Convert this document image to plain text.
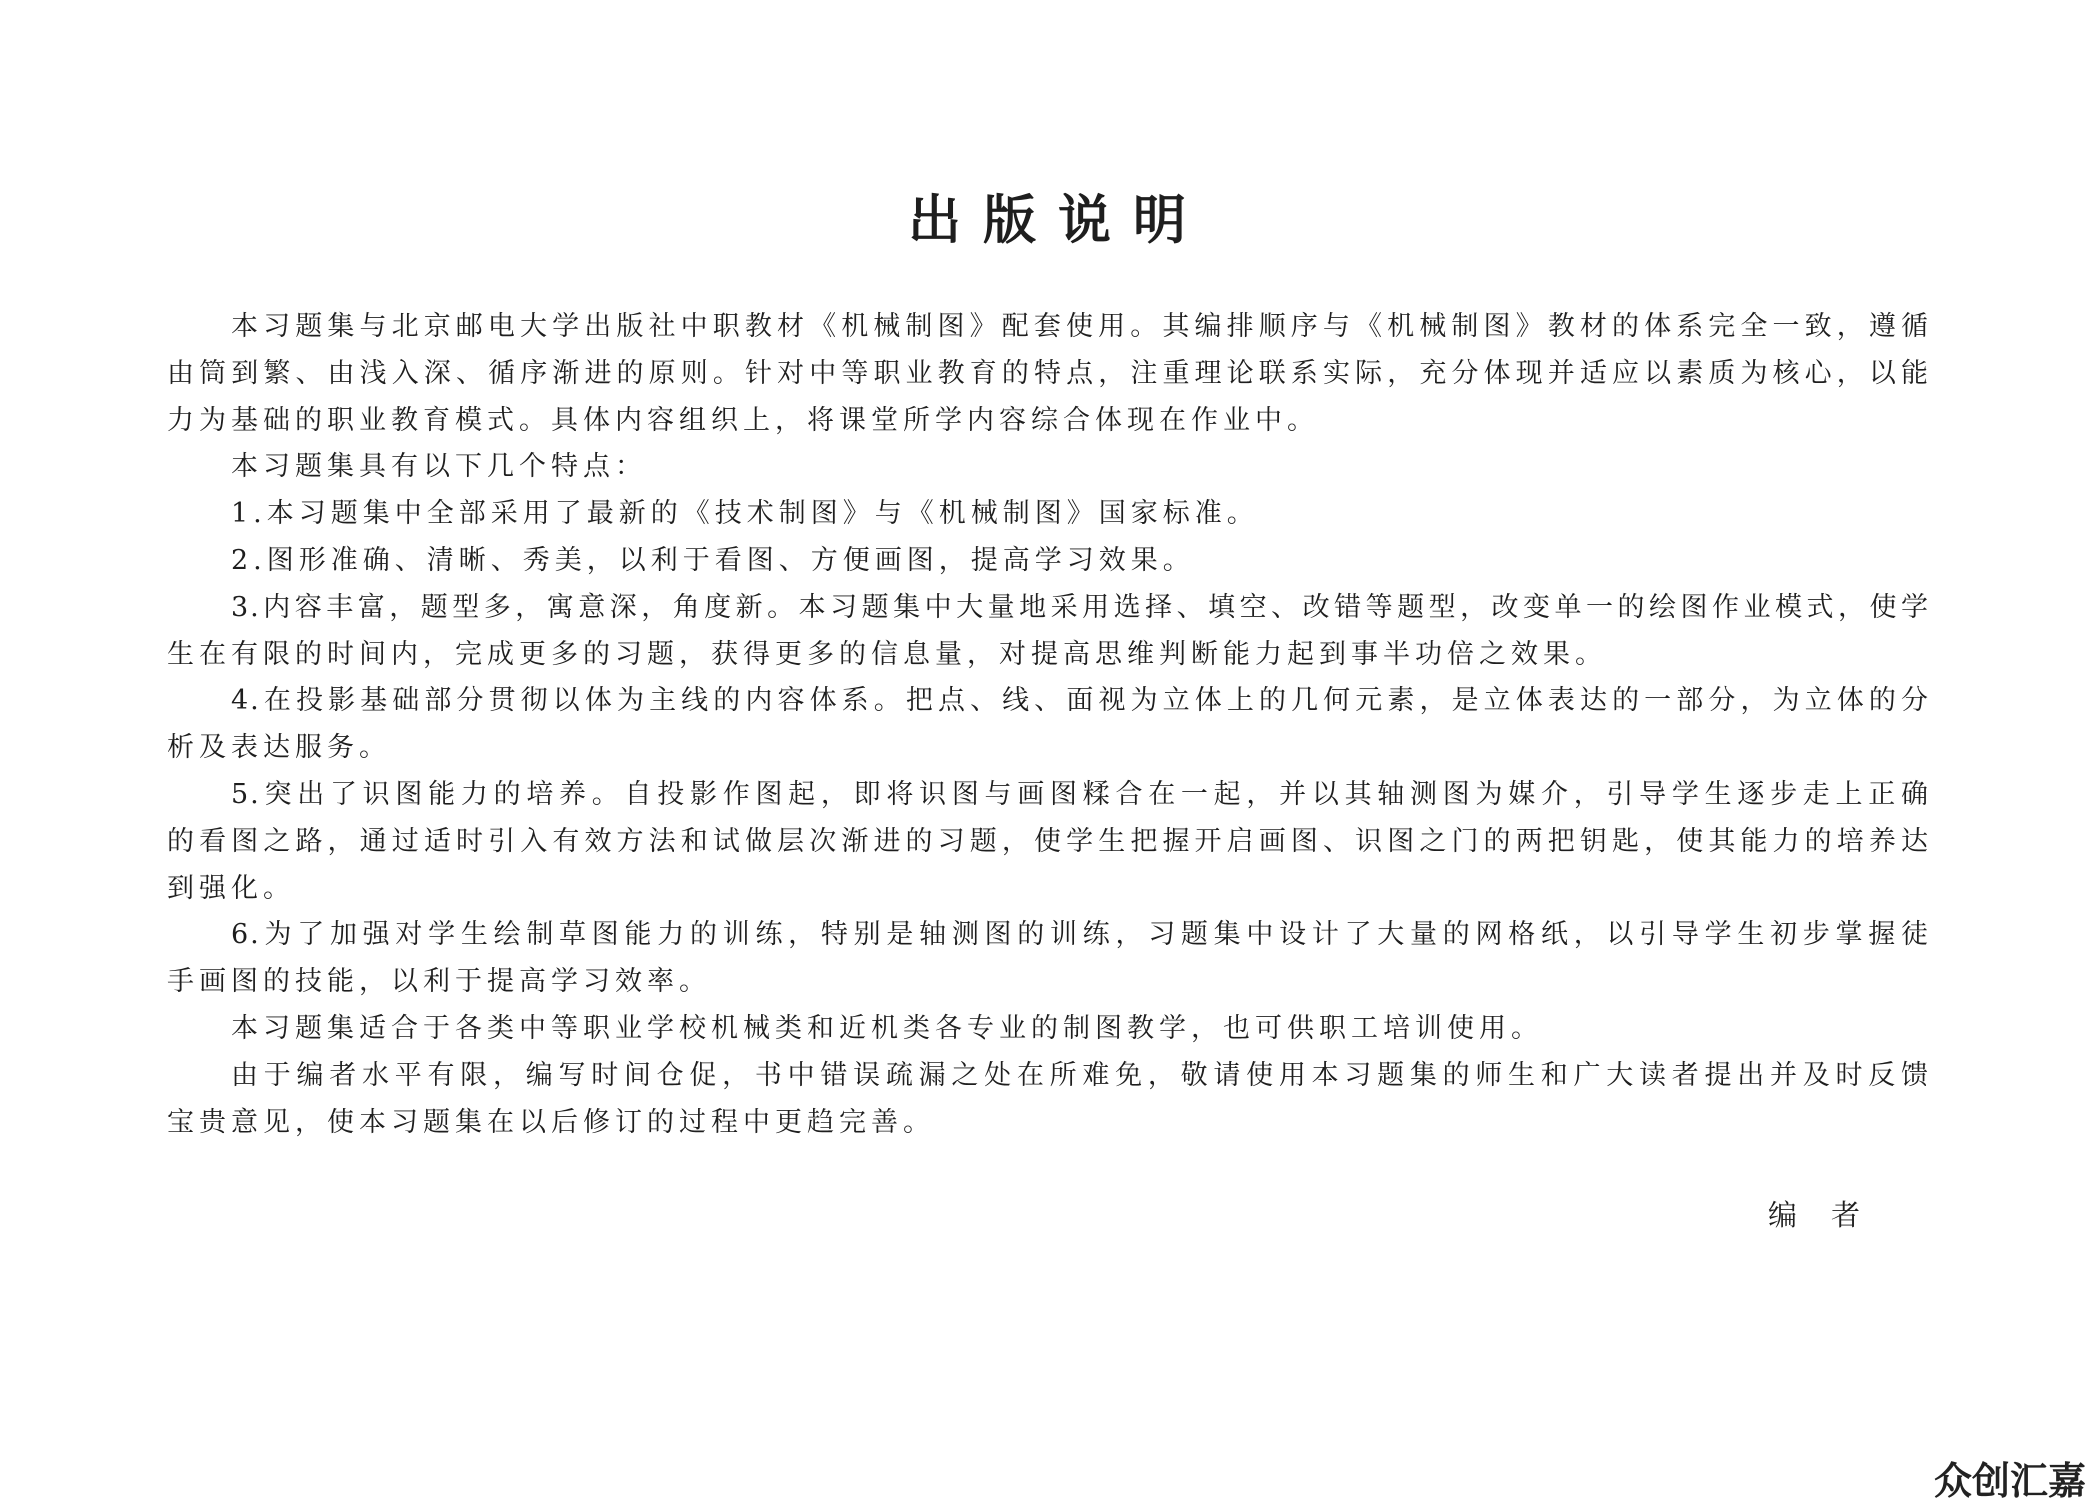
出版说明
本习题集与北京邮电大学出版社中职教材《机械制图》配套使用。其编排顺序与《机械制图》教材的体系完全一致，遵循
由筒到繁、由浅入深、循序渐进的原则。针对中等职业教育的特点，注重理论联系实际，充分体现并适应以素质为核心，以能
力为基础的职业教育模式。具体内容组织上，将课堂所学内容综合体现在作业中。
本习题集具有以下几个特点：
1.本习题集中全部采用了最新的《技术制图》与《机械制图》国家标准。
2.图形准确、清晰、秀美，以利于看图、方便画图，提高学习效果。
3.内容丰富，题型多，寓意深，角度新。本习题集中大量地采用选择、填空、改错等题型，改变单一的绘图作业模式，使学
生在有限的时间内，完成更多的习题，获得更多的信息量，对提高思维判断能力起到事半功倍之效果。
4.在投影基础部分贯彻以体为主线的内容体系。把点、线、面视为立体上的几何元素，是立体表达的一部分，为立体的分
析及表达服务。
5.突出了识图能力的培养。自投影作图起，即将识图与画图糅合在一起，并以其轴测图为媒介，引导学生逐步走上正确
的看图之路，通过适时引入有效方法和试做层次渐进的习题，使学生把握开启画图、识图之门的两把钥匙，使其能力的培养达
到强化。
6.为了加强对学生绘制草图能力的训练，特别是轴测图的训练，习题集中设计了大量的网格纸，以引导学生初步掌握徒
手画图的技能，以利于提高学习效率。
本习题集适合于各类中等职业学校机械类和近机类各专业的制图教学，也可供职工培训使用。
由于编者水平有限，编写时间仓促，书中错误疏漏之处在所难免，敬请使用本习题集的师生和广大读者提出并及时反馈
宝贵意见，使本习题集在以后修订的过程中更趋完善。
编者
众创汇嘉
